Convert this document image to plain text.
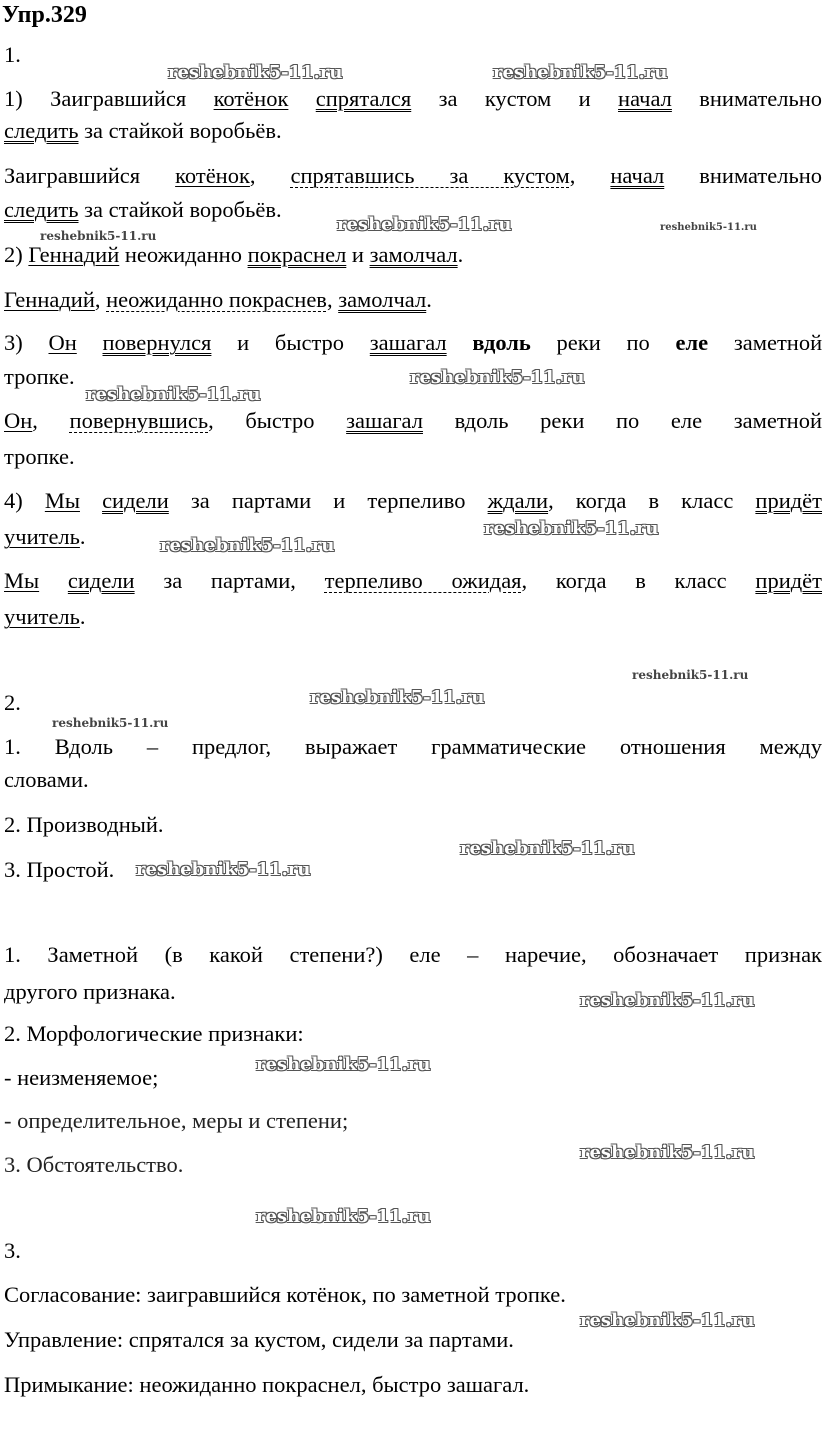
Упр.329
1.
1) Заигравшийся котёнок спрятался за кустом и начал внимательно
следить за стайкой воробьёв.
Заигравшийся котёнок, спрятавшись за кустом, начал внимательно
следить за стайкой воробьёв.
2) Геннадий неожиданно покраснел и замолчал.
Геннадий, неожиданно покраснев, замолчал.
3) Он повернулся и быстро зашагал вдоль реки по еле заметной
тропке.
Он, повернувшись, быстро зашагал вдоль реки по еле заметной
тропке.
4) Мы сидели за партами и терпеливо ждали, когда в класс придёт
учитель.
Мы сидели за партами, терпеливо ожидая, когда в класс придёт
учитель.
2.
1. Вдоль – предлог, выражает грамматические отношения между
словами.
2. Производный.
3. Простой.
1. Заметной (в какой степени?) еле – наречие, обозначает признак
другого признака.
2. Морфологические признаки:
- неизменяемое;
- определительное, меры и степени;
3. Обстоятельство.
3.
Согласование: заигравшийся котёнок, по заметной тропке.
Управление: спрятался за кустом, сидели за партами.
Примыкание: неожиданно покраснел, быстро зашагал.
reshebnik5-11.ru	reshebnik5-11.ru
reshebnik5-11.ru
reshebnik5-11.ru
reshebnik5-11.ru
reshebnik5-11.ru
reshebnik5-11.ru
reshebnik5-11.ru
reshebnik5-11.ru
reshebnik5-11.ru
reshebnik5-11.ru
reshebnik5-11.ru
reshebnik5-11.ru
reshebnik5-11.ru
reshebnik5-11.ru
reshebnik5-11.ru
reshebnik5-11.ru
reshebnik5-11.ru
reshebnik5-11.ru
